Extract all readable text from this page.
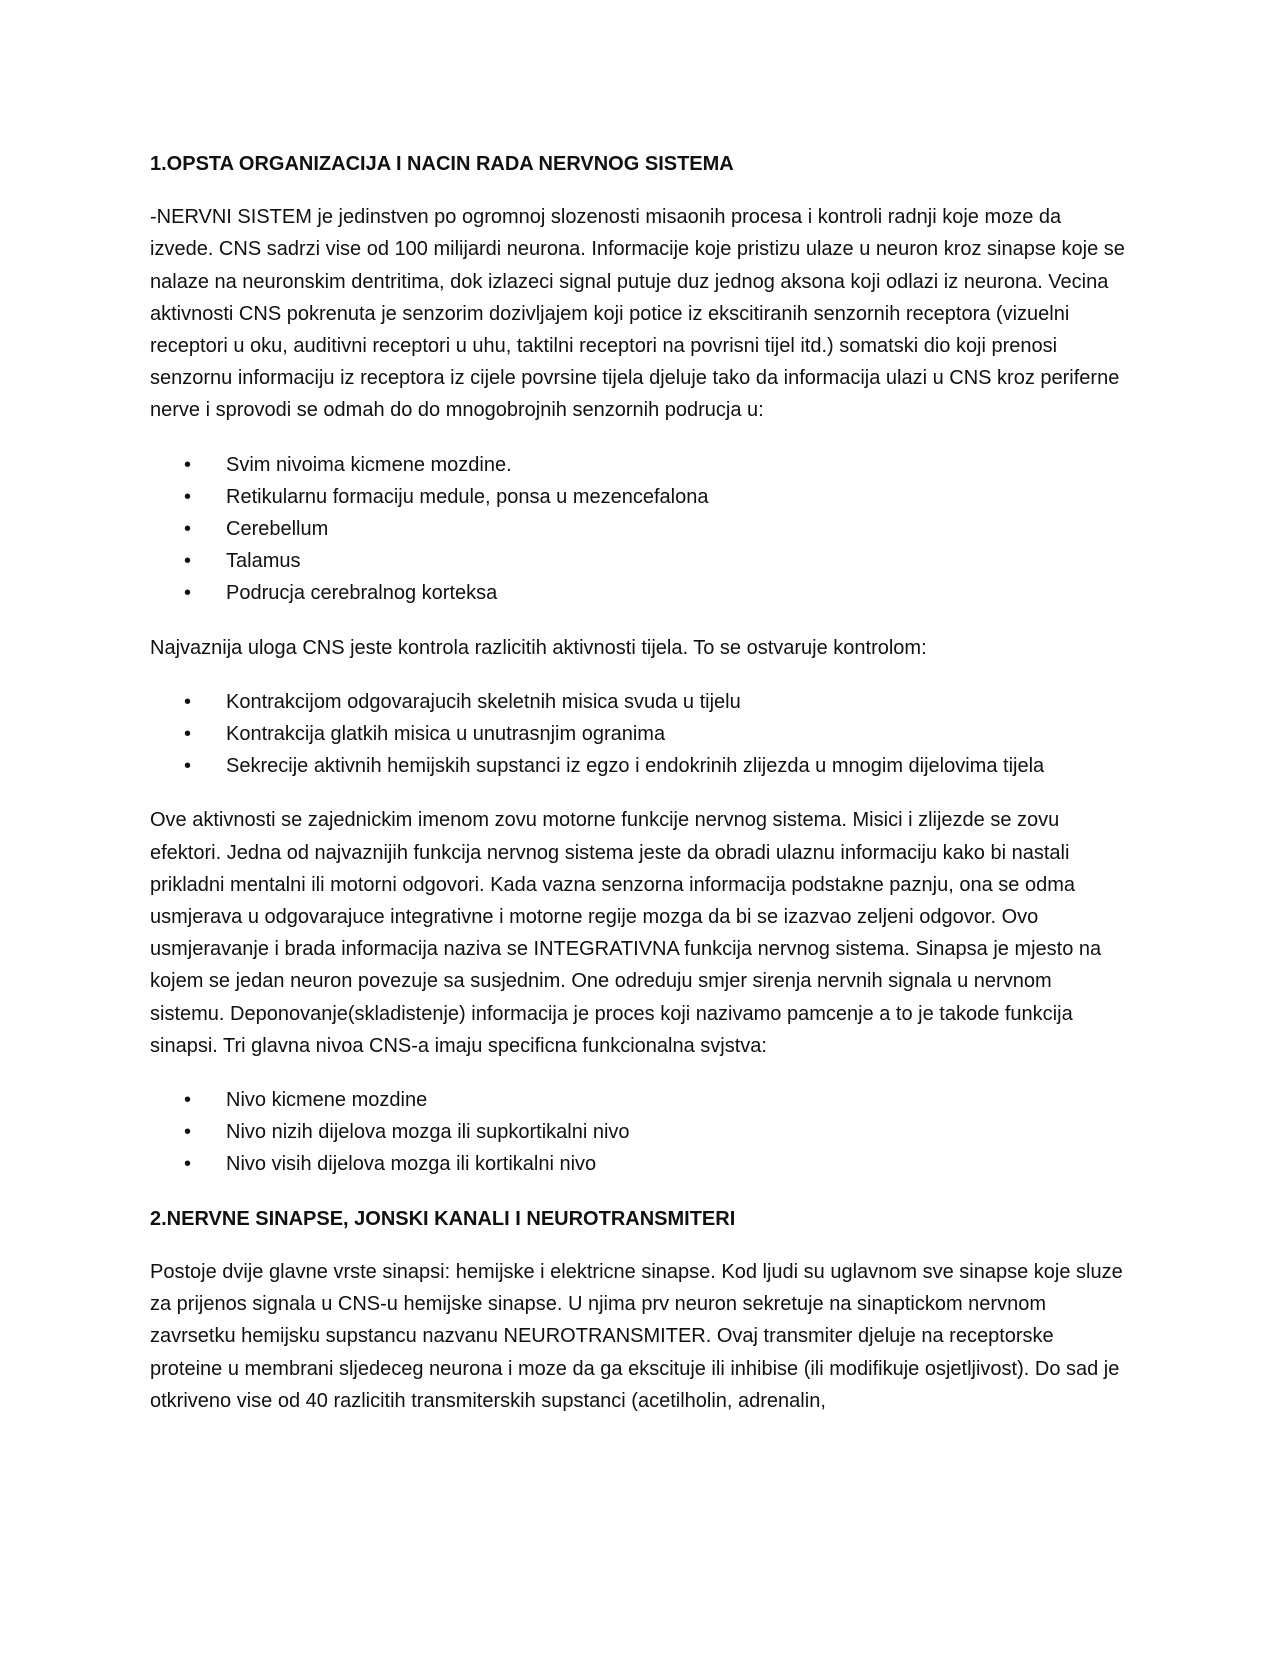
1.OPSTA ORGANIZACIJA I NACIN RADA NERVNOG SISTEMA

-NERVNI SISTEM je jedinstven po ogromnoj slozenosti misaonih procesa i kontroli radnji koje moze da izvede. CNS sadrzi vise od 100 milijardi neurona. Informacije koje pristizu ulaze u neuron kroz sinapse koje se nalaze na neuronskim dentritima, dok izlazeci signal putuje duz jednog aksona koji odlazi iz neurona. Vecina aktivnosti CNS pokrenuta je senzorim dozivljajem koji potice iz ekscitiranih senzornih receptora (vizuelni receptori u oku, auditivni receptori u uhu, taktilni receptori na povrisni tijel itd.) somatski dio koji prenosi senzornu informaciju iz receptora iz cijele povrsine tijela djeluje tako da informacija ulazi u CNS kroz periferne nerve i sprovodi se odmah do do mnogobrojnih senzornih podrucja u:

• Svim nivoima kicmene mozdine.
• Retikularnu formaciju medule, ponsa u mezencefalona
• Cerebellum
• Talamus
• Podrucja cerebralnog korteksa

Najvaznija uloga CNS jeste kontrola razlicitih aktivnosti tijela. To se ostvaruje kontrolom:

• Kontrakcijom odgovarajucih skeletnih misica svuda u tijelu
• Kontrakcija glatkih misica u unutrasnjim ogranima
• Sekrecije aktivnih hemijskih supstanci iz egzo i endokrinih zlijezda u mnogim dijelovima tijela

Ove aktivnosti se zajednickim imenom zovu motorne funkcije nervnog sistema. Misici i zlijezde se zovu efektori. Jedna od najvaznijih funkcija nervnog sistema jeste da obradi ulaznu informaciju kako bi nastali prikladni mentalni ili motorni odgovori. Kada vazna senzorna informacija podstakne paznju, ona se odma usmjerava u odgovarajuce integrativne i motorne regije mozga da bi se izazvao zeljeni odgovor. Ovo usmjeravanje i brada informacija naziva se INTEGRATIVNA funkcija nervnog sistema. Sinapsa je mjesto na kojem se jedan neuron povezuje sa susjednim. One odreduju smjer sirenja nervnih signala u nervnom sistemu. Deponovanje(skladistenje) informacija je proces koji nazivamo pamcenje a to je takode funkcija sinapsi. Tri glavna nivoa CNS-a imaju specificna funkcionalna svjstva:

• Nivo kicmene mozdine
• Nivo nizih dijelova mozga ili supkortikalni nivo
• Nivo visih dijelova mozga ili kortikalni nivo

2.NERVNE SINAPSE, JONSKI KANALI I NEUROTRANSMITERI

Postoje dvije glavne vrste sinapsi: hemijske i elektricne sinapse. Kod ljudi su uglavnom sve sinapse koje sluze za prijenos signala u CNS-u hemijske sinapse. U njima prv neuron sekretuje na sinaptickom nervnom zavrsetku hemijsku supstancu nazvanu NEUROTRANSMITER. Ovaj transmiter djeluje na receptorske proteine u membrani sljedeceg neurona i moze da ga ekscituje ili inhibise (ili modifikuje osjetljivost). Do sad je otkriveno vise od 40 razlicitih transmiterskih supstanci (acetilholin, adrenalin,
